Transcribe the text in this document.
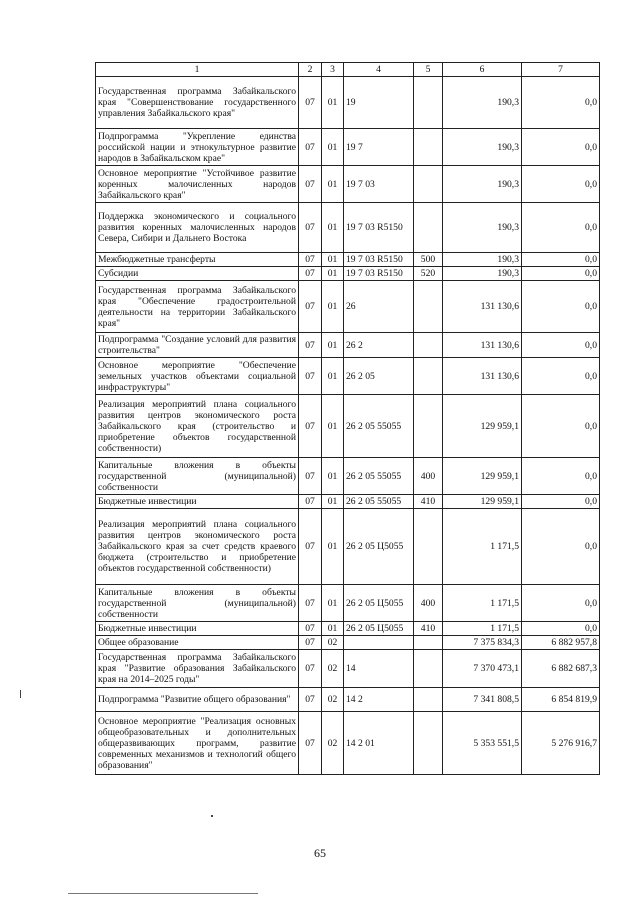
1	2	3	4	5	6	7
Государственная программа Забайкальского края "Совершенствование государственного управления Забайкальского края"	07	01	19		190,3	0,0
Подпрограмма "Укрепление единства российской нации и этнокультурное развитие народов в Забайкальском крае"	07	01	19 7		190,3	0,0
Основное мероприятие "Устойчивое развитие коренных малочисленных народов Забайкальского края"	07	01	19 7 03		190,3	0,0
Поддержка экономического и социального развития коренных малочисленных народов Севера, Сибири и Дальнего Востока	07	01	19 7 03 R5150		190,3	0,0
Межбюджетные трансферты	07	01	19 7 03 R5150	500	190,3	0,0
Субсидии	07	01	19 7 03 R5150	520	190,3	0,0
Государственная программа Забайкальского края "Обеспечение градостроительной деятельности на территории Забайкальского края"	07	01	26		131 130,6	0,0
Подпрограмма "Создание условий для развития строительства"	07	01	26 2		131 130,6	0,0
Основное мероприятие "Обеспечение земельных участков объектами социальной инфраструктуры"	07	01	26 2 05		131 130,6	0,0
Реализация мероприятий плана социального развития центров экономического роста Забайкальского края (строительство и приобретение объектов государственной собственности)	07	01	26 2 05 55055		129 959,1	0,0
Капитальные вложения в объекты государственной (муниципальной) собственности	07	01	26 2 05 55055	400	129 959,1	0,0
Бюджетные инвестиции	07	01	26 2 05 55055	410	129 959,1	0,0
Реализация мероприятий плана социального развития центров экономического роста Забайкальского края за счет средств краевого бюджета (строительство и приобретение объектов государственной собственности)	07	01	26 2 05 Ц5055		1 171,5	0,0
Капитальные вложения в объекты государственной (муниципальной) собственности	07	01	26 2 05 Ц5055	400	1 171,5	0,0
Бюджетные инвестиции	07	01	26 2 05 Ц5055	410	1 171,5	0,0
Общее образование	07	02			7 375 834,3	6 882 957,8
Государственная программа Забайкальского края "Развитие образования Забайкальского края на 2014–2025 годы"	07	02	14		7 370 473,1	6 882 687,3
Подпрограмма "Развитие общего образования"	07	02	14 2		7 341 808,5	6 854 819,9
Основное мероприятие "Реализация основных общеобразовательных и дополнительных общеразвивающих программ, развитие современных механизмов и технологий общего образования"	07	02	14 2 01		5 353 551,5	5 276 916,7
65
